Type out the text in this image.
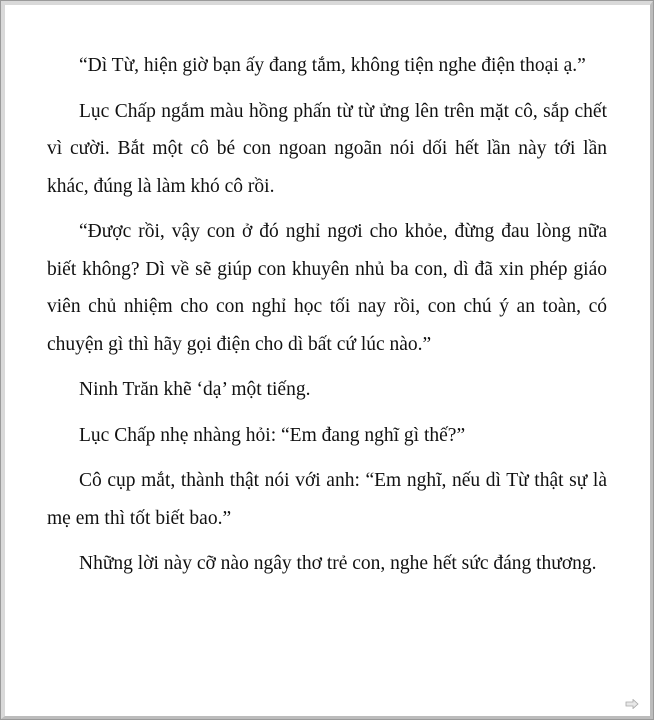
“Dì Từ, hiện giờ bạn ấy đang tắm, không tiện nghe điện thoại ạ.”

Lục Chấp ngắm màu hồng phấn từ từ ửng lên trên mặt cô, sắp chết vì cười. Bắt một cô bé con ngoan ngoãn nói dối hết lần này tới lần khác, đúng là làm khó cô rồi.

“Được rồi, vậy con ở đó nghỉ ngơi cho khỏe, đừng đau lòng nữa biết không? Dì về sẽ giúp con khuyên nhủ ba con, dì đã xin phép giáo viên chủ nhiệm cho con nghỉ học tối nay rồi, con chú ý an toàn, có chuyện gì thì hãy gọi điện cho dì bất cứ lúc nào.”

Ninh Trăn khẽ ‘dạ’ một tiếng.

Lục Chấp nhẹ nhàng hỏi: “Em đang nghĩ gì thế?”

Cô cụp mắt, thành thật nói với anh: “Em nghĩ, nếu dì Từ thật sự là mẹ em thì tốt biết bao.”

Những lời này cỡ nào ngây thơ trẻ con, nghe hết sức đáng thương.
